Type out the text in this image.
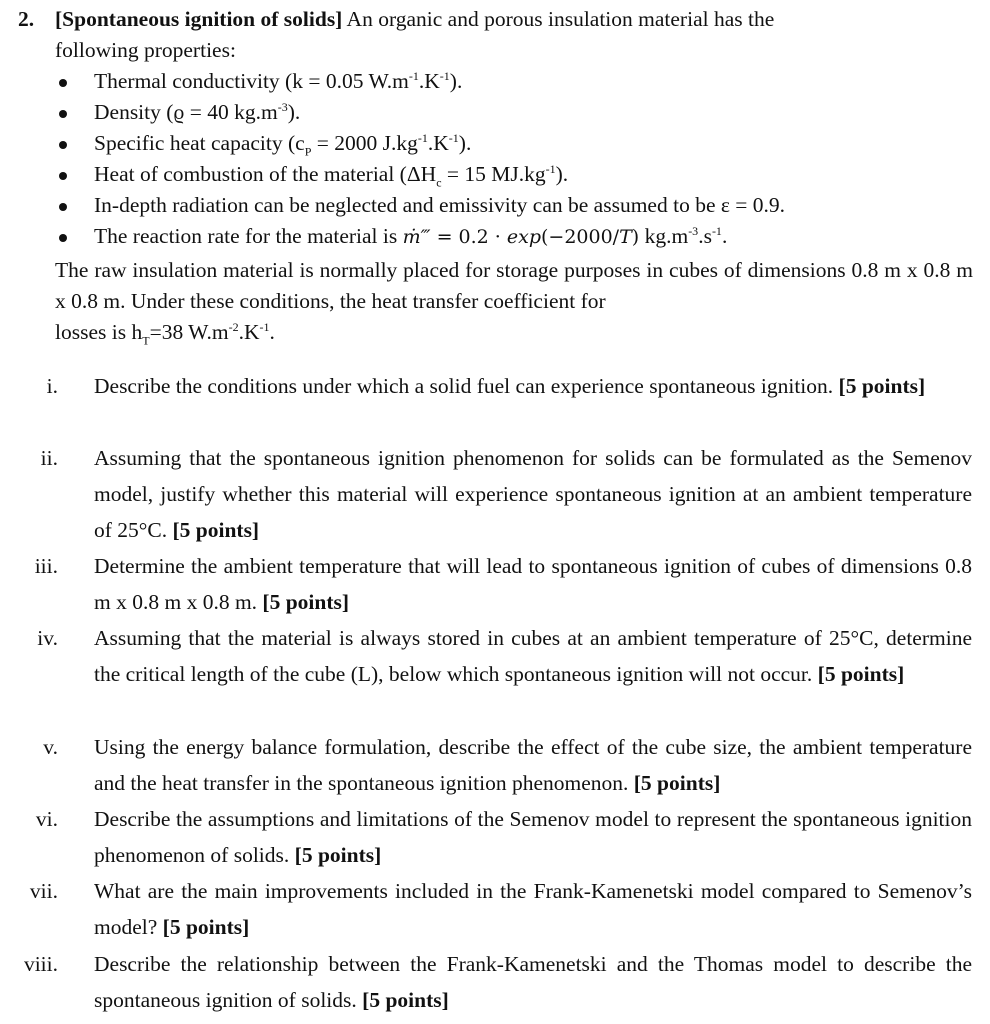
2. [Spontaneous ignition of solids] An organic and porous insulation material has the
following properties:
Thermal conductivity (k = 0.05 $W.m^{-1}.K^{-1}$).
Density (ϱ = 40 $kg.m^{-3}$).
Specific heat capacity ($c_P = 2000$ $J.kg^{-1}.K^{-1}$).
Heat of combustion of the material ($\Delta H_c = 15$ $MJ.kg^{-1}$).
In-depth radiation can be neglected and emissivity can be assumed to be ε = 0.9.
The reaction rate for the material is ṁ‴ = 0.2 · exp(−2000/T) $kg.m^{-3}.s^{-1}$.

The raw insulation material is normally placed for storage purposes in cubes of dimensions 0.8 m x 0.8 m x 0.8 m. Under these conditions, the heat transfer coefficient for

losses is $h_T=38$ $W.m^{-2}.K^{-1}$.

i. Describe the conditions under which a solid fuel can experience spontaneous ignition. [5 points]
ii. Assuming that the spontaneous ignition phenomenon for solids can be formulated as the Semenov model, justify whether this material will experience spontaneous ignition at an ambient temperature of 25°C. [5 points]
iii. Determine the ambient temperature that will lead to spontaneous ignition of cubes of dimensions 0.8 m x 0.8 m x 0.8 m. [5 points]
iv. Assuming that the material is always stored in cubes at an ambient temperature of 25°C, determine the critical length of the cube (L), below which spontaneous ignition will not occur. [5 points]
v. Using the energy balance formulation, describe the effect of the cube size, the ambient temperature and the heat transfer in the spontaneous ignition phenomenon. [5 points]
vi. Describe the assumptions and limitations of the Semenov model to represent the spontaneous ignition phenomenon of solids. [5 points]
vii. What are the main improvements included in the Frank-Kamenetski model compared to Semenov’s model? [5 points]
viii. Describe the relationship between the Frank-Kamenetski and the Thomas model to describe the spontaneous ignition of solids. [5 points]
